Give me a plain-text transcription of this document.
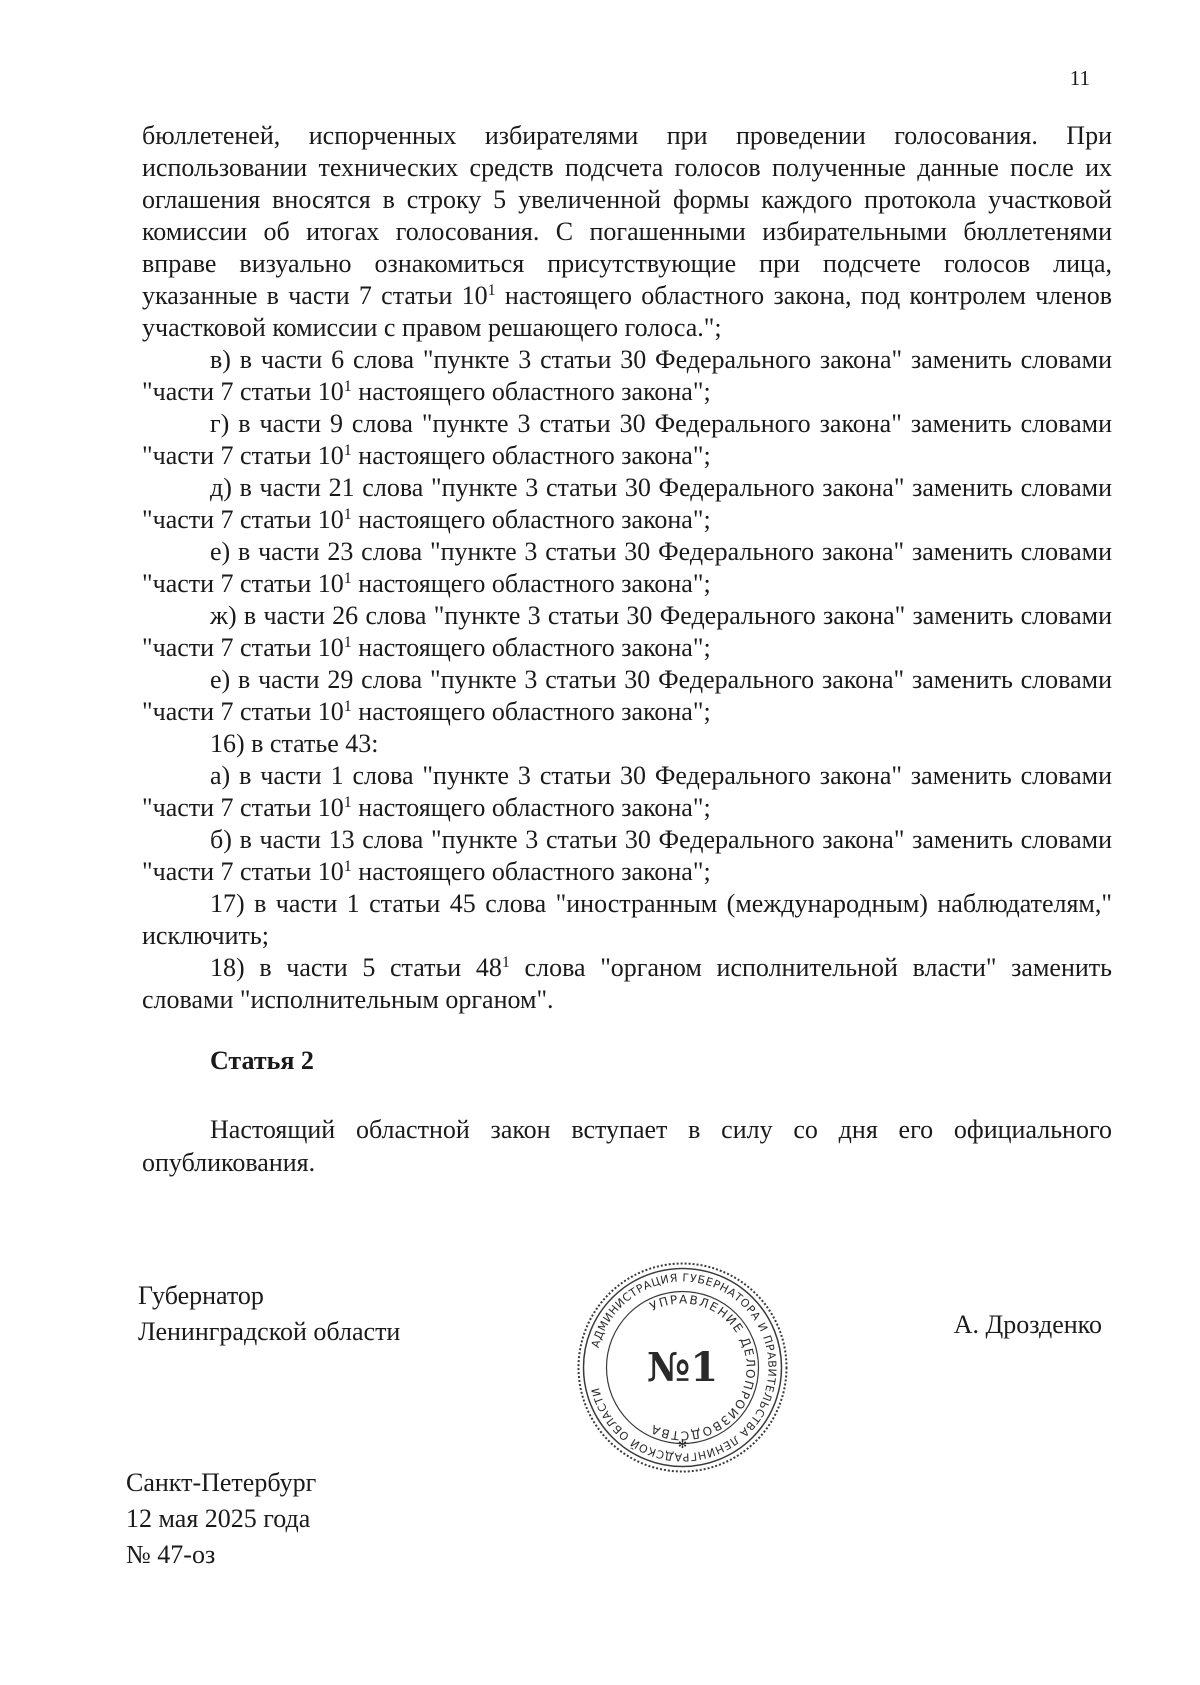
11

бюллетеней, испорченных избирателями при проведении голосования. При использовании технических средств подсчета голосов полученные данные после их оглашения вносятся в строку 5 увеличенной формы каждого протокола участковой комиссии об итогах голосования. С погашенными избирательными бюллетенями вправе визуально ознакомиться присутствующие при подсчете голосов лица, указанные в части 7 статьи $10^1$ настоящего областного закона, под контролем членов участковой комиссии с правом решающего голоса.";

в) в части 6 слова "пункте 3 статьи 30 Федерального закона" заменить словами "части 7 статьи $10^1$ настоящего областного закона";

г) в части 9 слова "пункте 3 статьи 30 Федерального закона" заменить словами "части 7 статьи $10^1$ настоящего областного закона";

д) в части 21 слова "пункте 3 статьи 30 Федерального закона" заменить словами "части 7 статьи $10^1$ настоящего областного закона";

е) в части 23 слова "пункте 3 статьи 30 Федерального закона" заменить словами "части 7 статьи $10^1$ настоящего областного закона";

ж) в части 26 слова "пункте 3 статьи 30 Федерального закона" заменить словами "части 7 статьи $10^1$ настоящего областного закона";

е) в части 29 слова "пункте 3 статьи 30 Федерального закона" заменить словами "части 7 статьи $10^1$ настоящего областного закона";

16) в статье 43:

а) в части 1 слова "пункте 3 статьи 30 Федерального закона" заменить словами "части 7 статьи $10^1$ настоящего областного закона";

б) в части 13 слова "пункте 3 статьи 30 Федерального закона" заменить словами "части 7 статьи $10^1$ настоящего областного закона";

17) в части 1 статьи 45 слова "иностранным (международным) наблюдателям," исключить;

18) в части 5 статьи $48^1$ слова "органом исполнительной власти" заменить словами "исполнительным органом".

Статья 2

Настоящий областной закон вступает в силу со дня его официального опубликования.

Губернатор
Ленинградской области	А. Дрозденко
АДМИНИСТРАЦИЯ ГУБЕРНАТОРА И ПРАВИТЕЛЬСТВА ЛЕНИНГРАДСКОЙ ОБЛАСТИ
УПРАВЛЕНИЕ ДЕЛОПРОИЗВОДСТВА
№1
✻
Санкт-Петербург
12 мая 2025 года
№ 47-оз
